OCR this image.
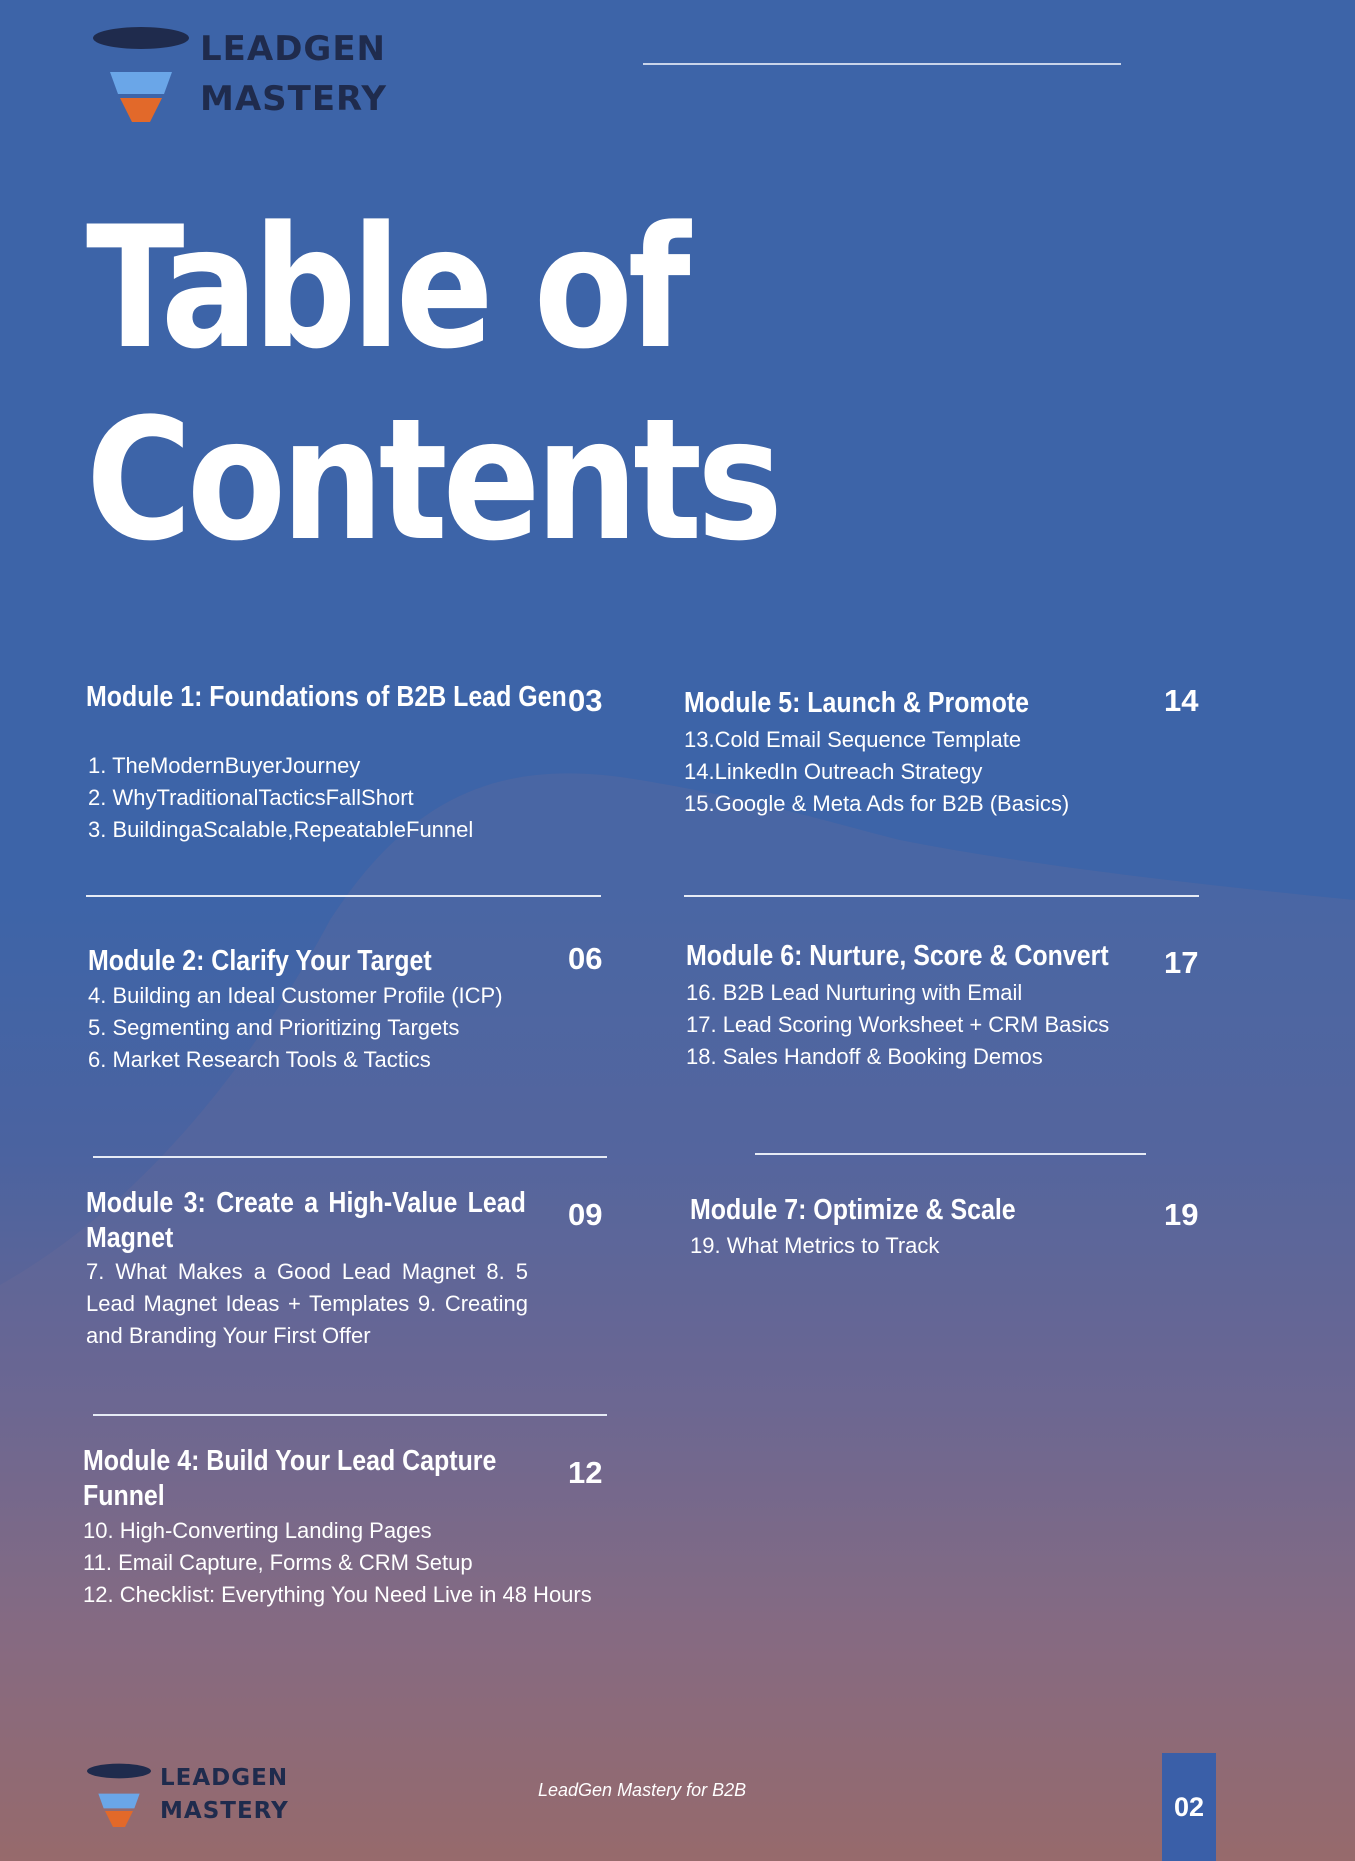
LEADGEN
MASTERY
Table of
Contents
Module 1: Foundations of B2B Lead Gen 03
1. TheModernBuyerJourney
2. WhyTraditionalTacticsFallShort
3. BuildingaScalable,RepeatableFunnel
Module 2: Clarify Your Target	06
4. Building an Ideal Customer Profile (ICP)
5. Segmenting and Prioritizing Targets
6. Market Research Tools & Tactics
Module 3: Create a High-Value Lead
Magnet
09

7. What Makes a Good Lead Magnet 8. 5 Lead Magnet Ideas + Templates 9. Creating and Branding Your First Offer

Module 4: Build Your Lead Capture
Funnel
12
10. High-Converting Landing Pages
11. Email Capture, Forms & CRM Setup
12. Checklist: Everything You Need Live in 48 Hours
Module 5: Launch & Promote	14
13.Cold Email Sequence Template
14.LinkedIn Outreach Strategy
15.Google & Meta Ads for B2B (Basics)
Module 6: Nurture, Score & Convert 17
16. B2B Lead Nurturing with Email
17. Lead Scoring Worksheet + CRM Basics
18. Sales Handoff & Booking Demos
Module 7: Optimize & Scale	19
19. What Metrics to Track
LEADGEN
MASTERY
LeadGen Mastery for B2B
02
